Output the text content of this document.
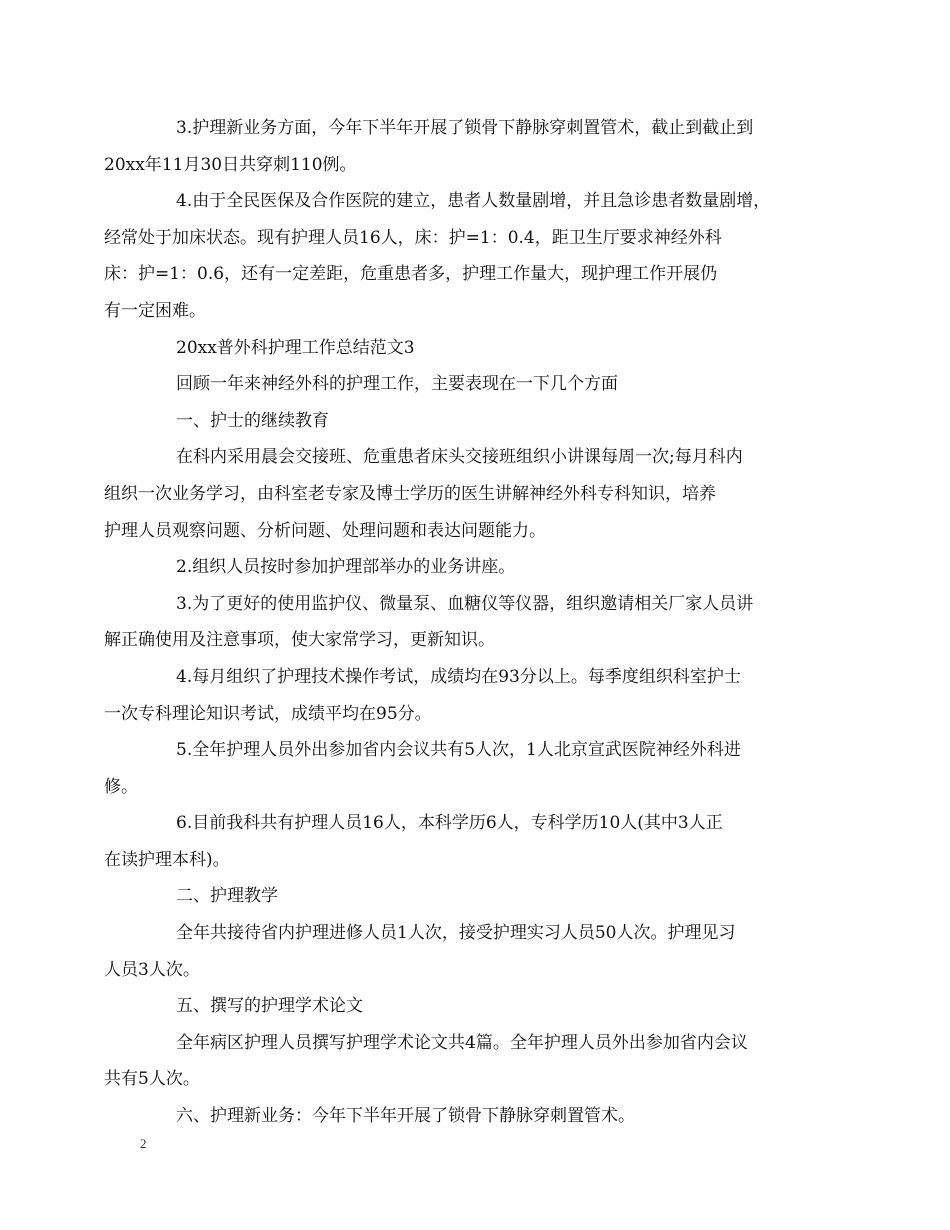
3.护理新业务方面，今年下半年开展了锁骨下静脉穿刺置管术，截止到截止到
20xx年11月30日共穿刺110例。

4.由于全民医保及合作医院的建立，患者人数量剧增，并且急诊患者数量剧增，
经常处于加床状态。现有护理人员16人，床：护=1：0.4，距卫生厅要求神经外科
床：护=1：0.6，还有一定差距，危重患者多，护理工作量大，现护理工作开展仍
有一定困难。

20xx普外科护理工作总结范文3

回顾一年来神经外科的护理工作，主要表现在一下几个方面

一、护士的继续教育

在科内采用晨会交接班、危重患者床头交接班组织小讲课每周一次;每月科内
组织一次业务学习，由科室老专家及博士学历的医生讲解神经外科专科知识，培养
护理人员观察问题、分析问题、处理问题和表达问题能力。

2.组织人员按时参加护理部举办的业务讲座。

3.为了更好的使用监护仪、微量泵、血糖仪等仪器，组织邀请相关厂家人员讲
解正确使用及注意事项，使大家常学习，更新知识。

4.每月组织了护理技术操作考试，成绩均在93分以上。每季度组织科室护士
一次专科理论知识考试，成绩平均在95分。

5.全年护理人员外出参加省内会议共有5人次，1人北京宣武医院神经外科进
修。

6.目前我科共有护理人员16人，本科学历6人，专科学历10人(其中3人正
在读护理本科)。

二、护理教学

全年共接待省内护理进修人员1人次，接受护理实习人员50人次。护理见习
人员3人次。

五、撰写的护理学术论文

全年病区护理人员撰写护理学术论文共4篇。全年护理人员外出参加省内会议
共有5人次。

六、护理新业务：今年下半年开展了锁骨下静脉穿刺置管术。

2
